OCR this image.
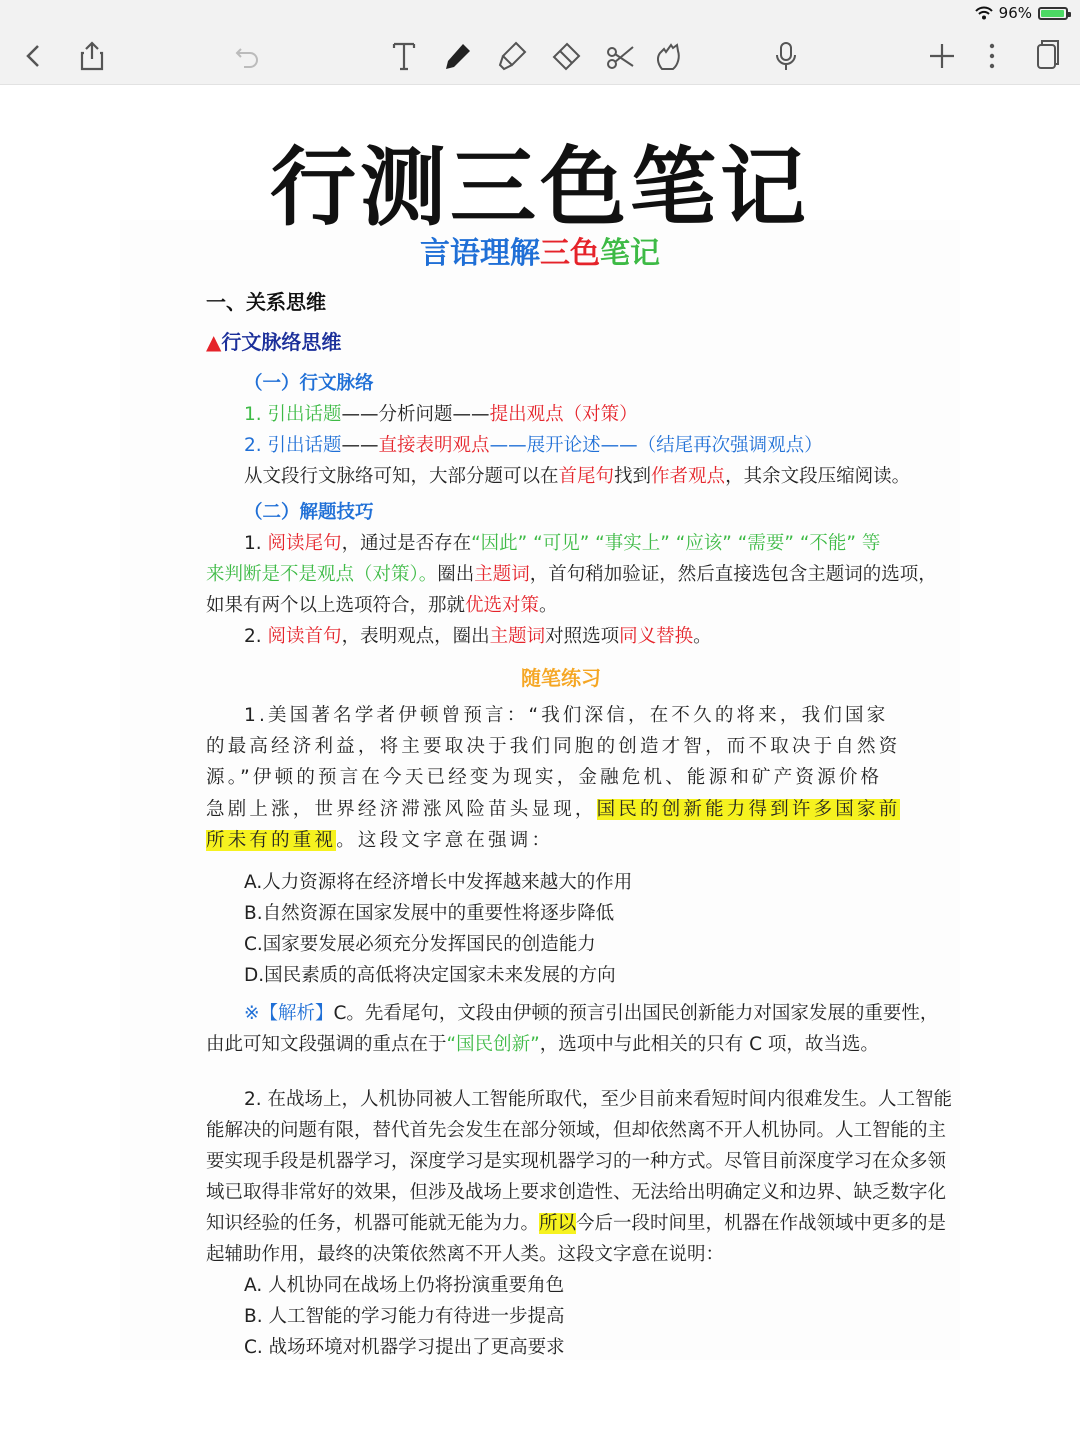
96%
行测三色笔记
言语理解三色笔记
一、关系思维
▲行文脉络思维
（一）行文脉络
1. 引出话题——分析问题——提出观点（对策）
2. 引出话题——直接表明观点——展开论述——（结尾再次强调观点）
从文段行文脉络可知，大部分题可以在首尾句找到作者观点，其余文段压缩阅读。
（二）解题技巧
1. 阅读尾句，通过是否存在“因此” “可见” “事实上” “应该” “需要” “不能” 等
来判断是不是观点（对策）。圈出主题词，首句稍加验证，然后直接选包含主题词的选项，
如果有两个以上选项符合，那就优选对策。
2. 阅读首句，表明观点，圈出主题词对照选项同义替换。
随笔练习
1.美国著名学者伊顿曾预言：“我们深信，在不久的将来，我们国家
的最高经济利益，将主要取决于我们同胞的创造才智，而不取决于自然资
源。”伊顿的预言在今天已经变为现实，金融危机、能源和矿产资源价格
急剧上涨，世界经济滞涨风险苗头显现，国民的创新能力得到许多国家前
所未有的重视。这段文字意在强调：
A.人力资源将在经济增长中发挥越来越大的作用
B.自然资源在国家发展中的重要性将逐步降低
C.国家要发展必须充分发挥国民的创造能力
D.国民素质的高低将决定国家未来发展的方向
※【解析】C。先看尾句，文段由伊顿的预言引出国民创新能力对国家发展的重要性，
由此可知文段强调的重点在于“国民创新”，选项中与此相关的只有 C 项，故当选。
2. 在战场上，人机协同被人工智能所取代，至少目前来看短时间内很难发生。人工智能
能解决的问题有限，替代首先会发生在部分领域，但却依然离不开人机协同。人工智能的主
要实现手段是机器学习，深度学习是实现机器学习的一种方式。尽管目前深度学习在众多领
域已取得非常好的效果，但涉及战场上要求创造性、无法给出明确定义和边界、缺乏数字化
知识经验的任务，机器可能就无能为力。所以今后一段时间里，机器在作战领域中更多的是
起辅助作用，最终的决策依然离不开人类。这段文字意在说明：
A. 人机协同在战场上仍将扮演重要角色
B. 人工智能的学习能力有待进一步提高
C. 战场环境对机器学习提出了更高要求
